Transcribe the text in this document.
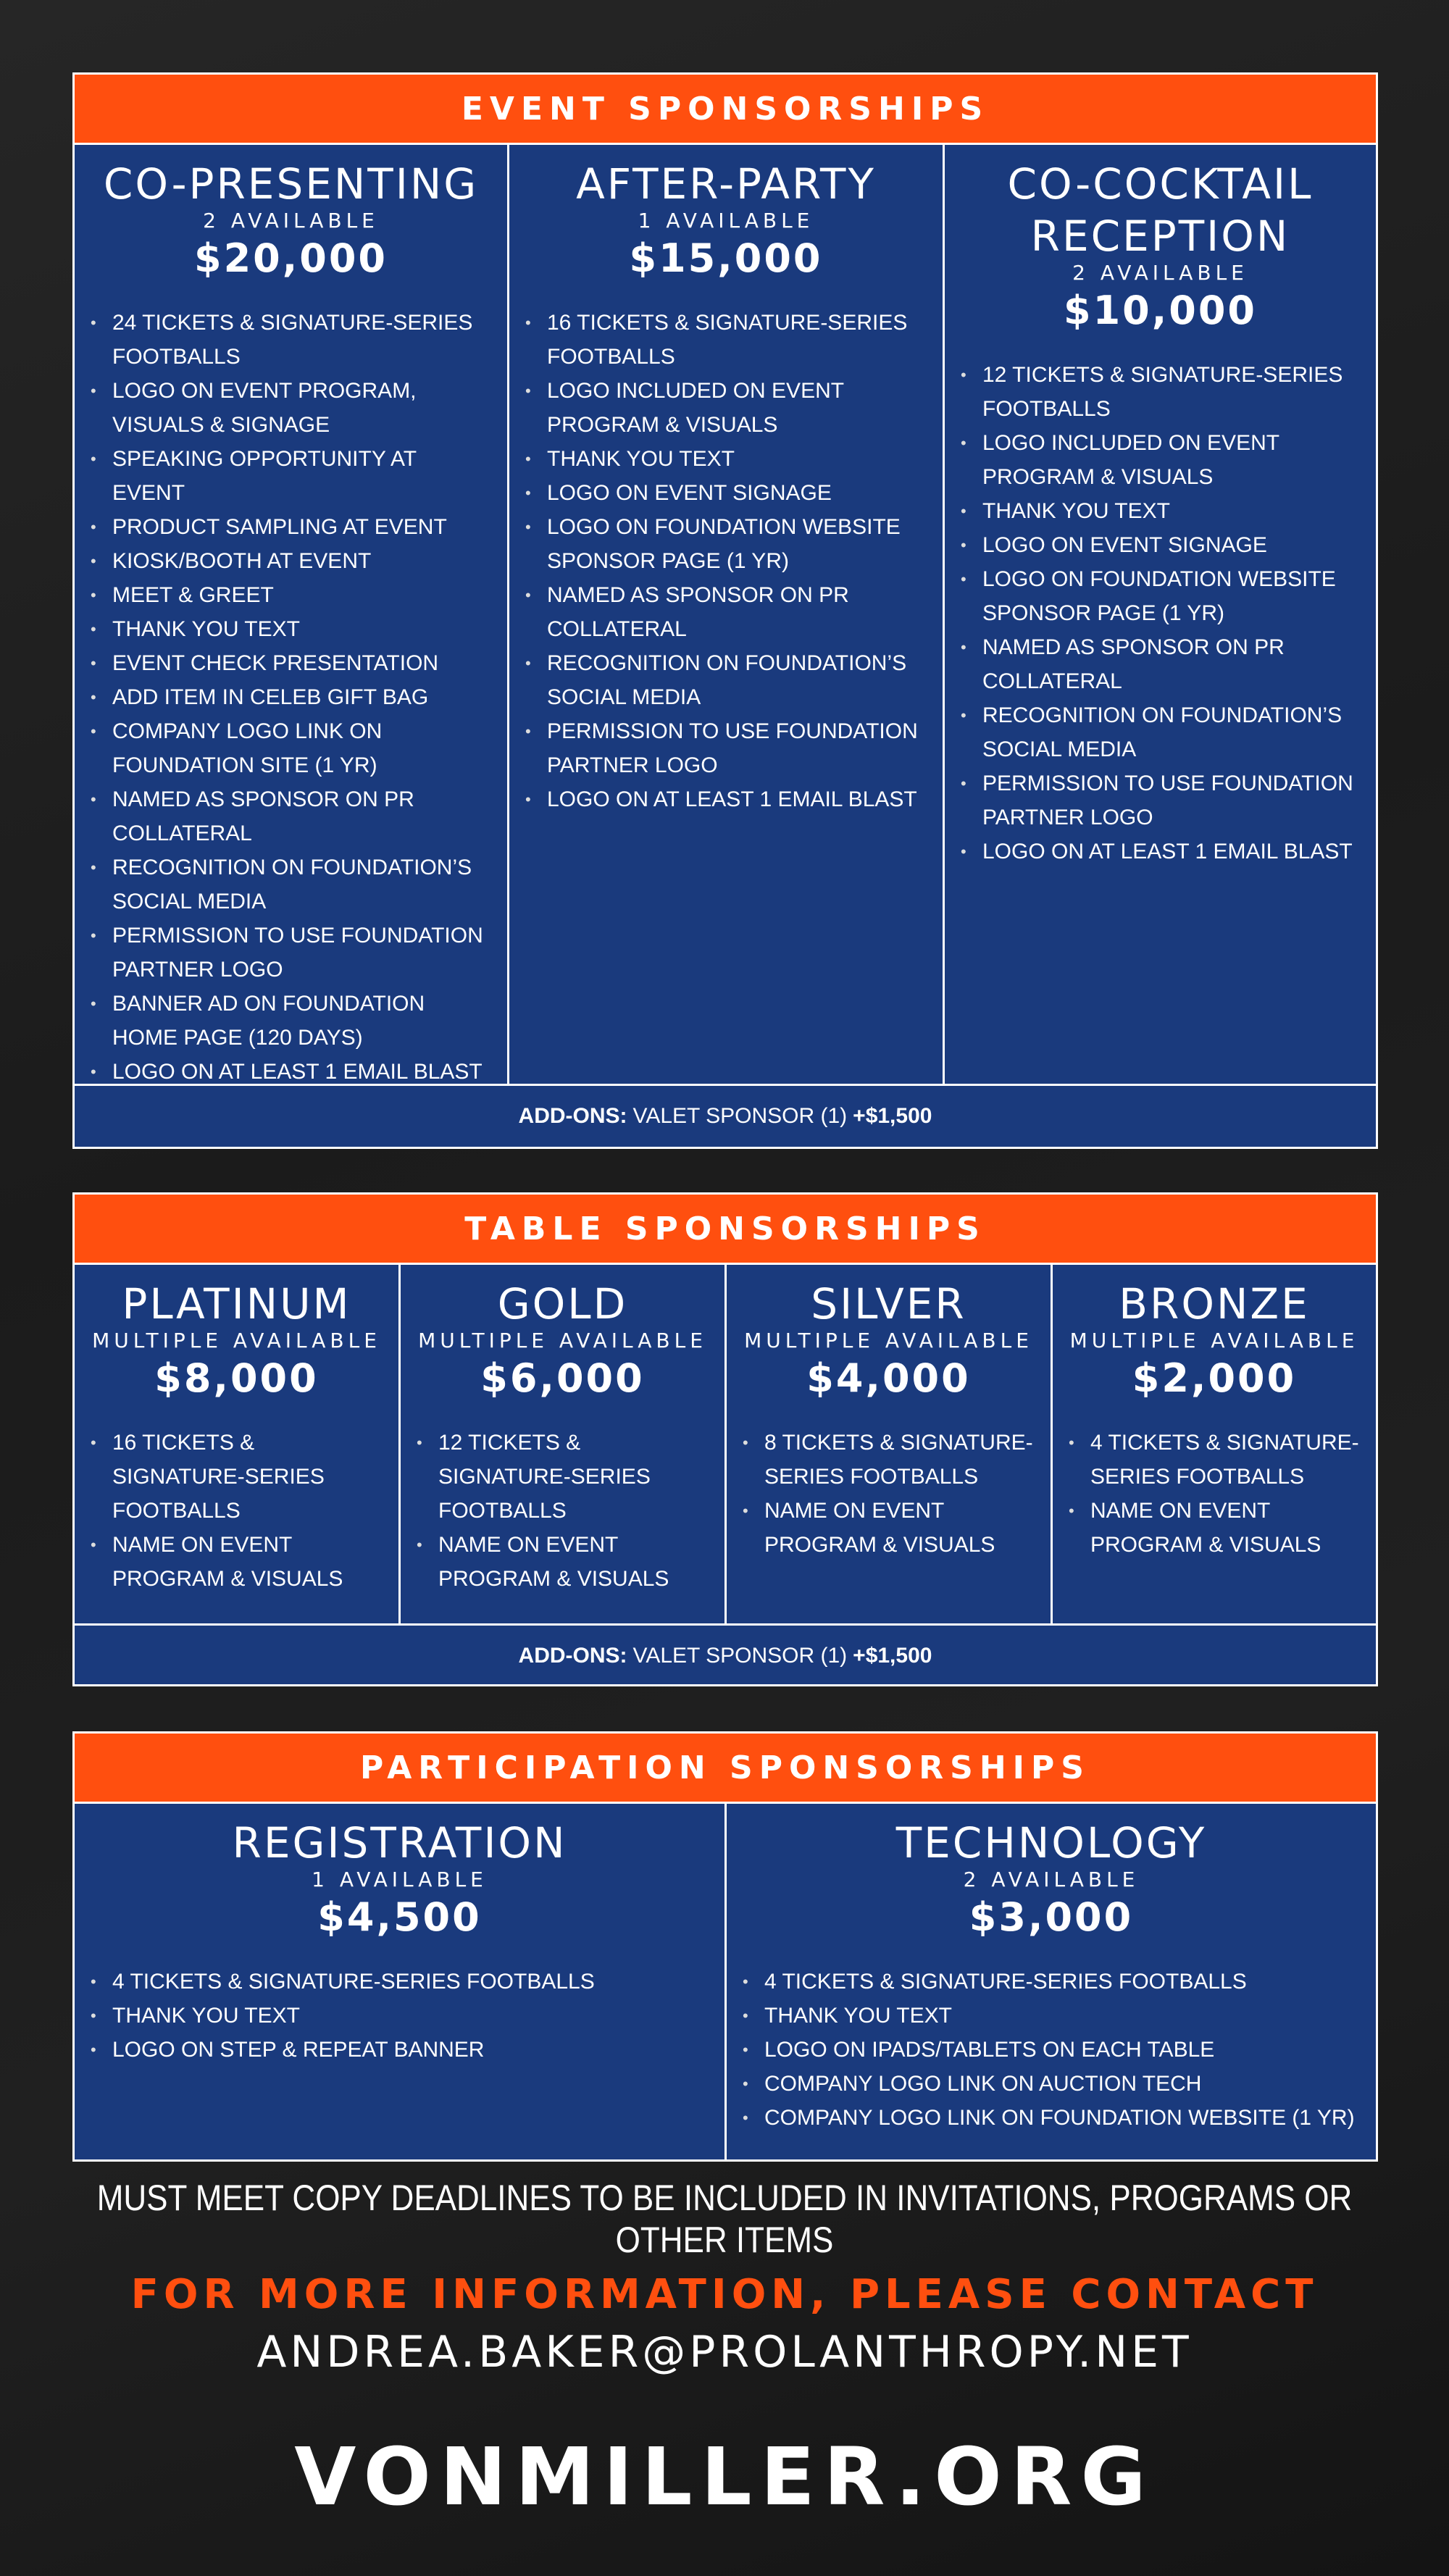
EVENT SPONSORSHIPS
CO-PRESENTING
2 AVAILABLE
$20,000
• 24 TICKETS & SIGNATURE-SERIES FOOTBALLS
• LOGO ON EVENT PROGRAM, VISUALS & SIGNAGE
• SPEAKING OPPORTUNITY AT EVENT
• PRODUCT SAMPLING AT EVENT
• KIOSK/BOOTH AT EVENT
• MEET & GREET
• THANK YOU TEXT
• EVENT CHECK PRESENTATION
• ADD ITEM IN CELEB GIFT BAG
• COMPANY LOGO LINK ON FOUNDATION SITE (1 YR)
• NAMED AS SPONSOR ON PR COLLATERAL
• RECOGNITION ON FOUNDATION’S SOCIAL MEDIA
• PERMISSION TO USE FOUNDATION PARTNER LOGO
• BANNER AD ON FOUNDATION HOME PAGE (120 DAYS)
• LOGO ON AT LEAST 1 EMAIL BLAST
AFTER-PARTY
1 AVAILABLE
$15,000
• 16 TICKETS & SIGNATURE-SERIES FOOTBALLS
• LOGO INCLUDED ON EVENT PROGRAM & VISUALS
• THANK YOU TEXT
• LOGO ON EVENT SIGNAGE
• LOGO ON FOUNDATION WEBSITE SPONSOR PAGE (1 YR)
• NAMED AS SPONSOR ON PR COLLATERAL
• RECOGNITION ON FOUNDATION’S SOCIAL MEDIA
• PERMISSION TO USE FOUNDATION PARTNER LOGO
• LOGO ON AT LEAST 1 EMAIL BLAST
CO-COCKTAIL RECEPTION
2 AVAILABLE
$10,000
• 12 TICKETS & SIGNATURE-SERIES FOOTBALLS
• LOGO INCLUDED ON EVENT PROGRAM & VISUALS
• THANK YOU TEXT
• LOGO ON EVENT SIGNAGE
• LOGO ON FOUNDATION WEBSITE SPONSOR PAGE (1 YR)
• NAMED AS SPONSOR ON PR COLLATERAL
• RECOGNITION ON FOUNDATION’S SOCIAL MEDIA
• PERMISSION TO USE FOUNDATION PARTNER LOGO
• LOGO ON AT LEAST 1 EMAIL BLAST
ADD-ONS: VALET SPONSOR (1) +$1,500
TABLE SPONSORSHIPS
PLATINUM
MULTIPLE AVAILABLE
$8,000
• 16 TICKETS & SIGNATURE-SERIES FOOTBALLS
• NAME ON EVENT PROGRAM & VISUALS
GOLD
MULTIPLE AVAILABLE
$6,000
• 12 TICKETS & SIGNATURE-SERIES FOOTBALLS
• NAME ON EVENT PROGRAM & VISUALS
SILVER
MULTIPLE AVAILABLE
$4,000
• 8 TICKETS & SIGNATURE-SERIES FOOTBALLS
• NAME ON EVENT PROGRAM & VISUALS
BRONZE
MULTIPLE AVAILABLE
$2,000
• 4 TICKETS & SIGNATURE-SERIES FOOTBALLS
• NAME ON EVENT PROGRAM & VISUALS
ADD-ONS: VALET SPONSOR (1) +$1,500
PARTICIPATION SPONSORSHIPS
REGISTRATION
1 AVAILABLE
$4,500
• 4 TICKETS & SIGNATURE-SERIES FOOTBALLS
• THANK YOU TEXT
• LOGO ON STEP & REPEAT BANNER
TECHNOLOGY
2 AVAILABLE
$3,000
• 4 TICKETS & SIGNATURE-SERIES FOOTBALLS
• THANK YOU TEXT
• LOGO ON IPADS/TABLETS ON EACH TABLE
• COMPANY LOGO LINK ON AUCTION TECH
• COMPANY LOGO LINK ON FOUNDATION WEBSITE (1 YR)
MUST MEET COPY DEADLINES TO BE INCLUDED IN INVITATIONS, PROGRAMS OR OTHER ITEMS
FOR MORE INFORMATION, PLEASE CONTACT
ANDREA.BAKER@PROLANTHROPY.NET
VONMILLER.ORG
